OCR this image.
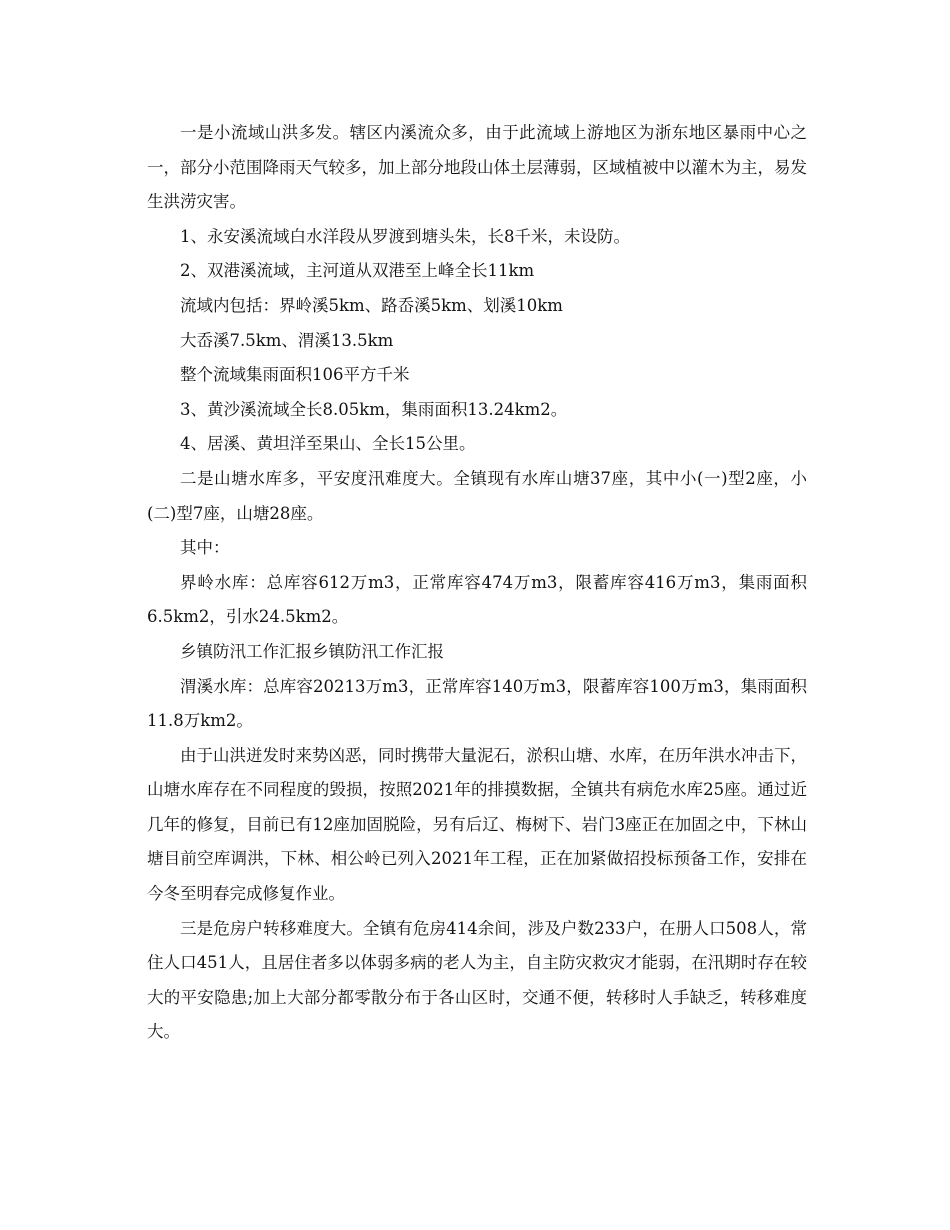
一是小流域山洪多发。辖区内溪流众多，由于此流域上游地区为浙东地区暴雨中心之一，部分小范围降雨天气较多，加上部分地段山体土层薄弱，区域植被中以灌木为主，易发生洪涝灾害。

1、永安溪流域白水洋段从罗渡到塘头朱，长8千米，未设防。

2、双港溪流域，主河道从双港至上峰全长11km

流域内包括：界岭溪5km、路岙溪5km、划溪10km

大岙溪7.5km、渭溪13.5km

整个流域集雨面积106平方千米

3、黄沙溪流域全长8.05km，集雨面积13.24km2。

4、居溪、黄坦洋至果山、全长15公里。

二是山塘水库多，平安度汛难度大。全镇现有水库山塘37座，其中小(一)型2座，小(二)型7座，山塘28座。

其中：

界岭水库：总库容612万m3，正常库容474万m3，限蓄库容416万m3，集雨面积6.5km2，引水24.5km2。

乡镇防汛工作汇报乡镇防汛工作汇报

渭溪水库：总库容20213万m3，正常库容140万m3，限蓄库容100万m3，集雨面积11.8万km2。

由于山洪迸发时来势凶恶，同时携带大量泥石，淤积山塘、水库，在历年洪水冲击下，山塘水库存在不同程度的毁损，按照2021年的排摸数据，全镇共有病危水库25座。通过近几年的修复，目前已有12座加固脱险，另有后辽、梅树下、岩门3座正在加固之中，下林山塘目前空库调洪，下林、相公岭已列入2021年工程，正在加紧做招投标预备工作，安排在今冬至明春完成修复作业。

三是危房户转移难度大。全镇有危房414余间，涉及户数233户，在册人口508人，常住人口451人，且居住者多以体弱多病的老人为主，自主防灾救灾才能弱，在汛期时存在较大的平安隐患;加上大部分都零散分布于各山区时，交通不便，转移时人手缺乏，转移难度大。
